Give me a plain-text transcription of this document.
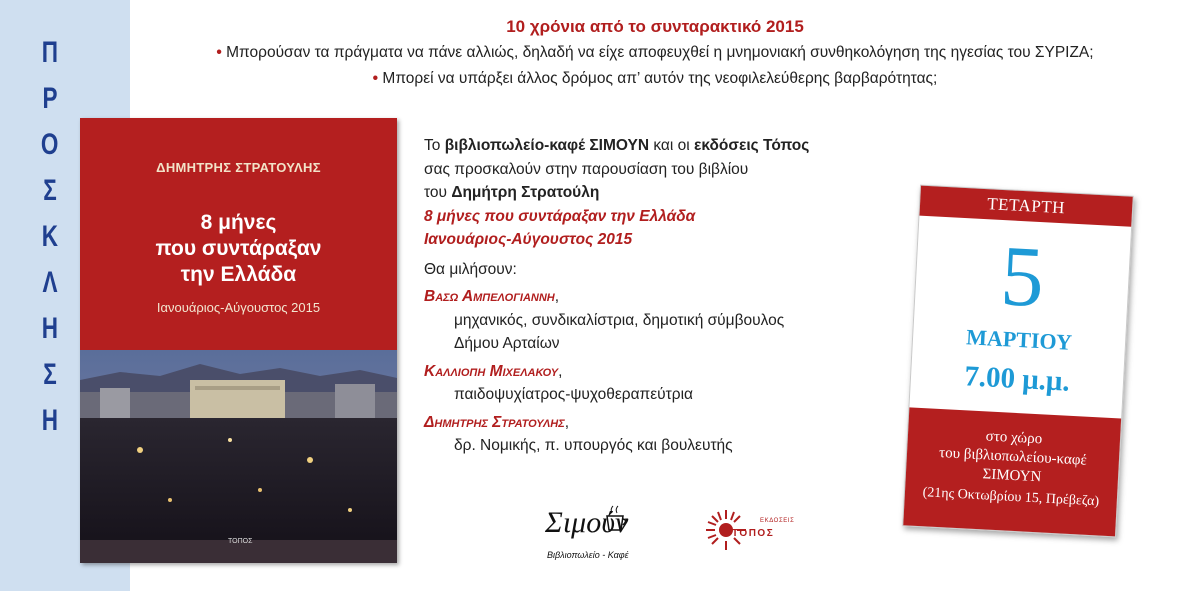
Π
Ρ
Ο
Σ
Κ
Λ
Η
Σ
Η
10 χρόνια από το συνταρακτικό 2015
• Μπορούσαν τα πράγματα να πάνε αλλιώς, δηλαδή να είχε αποφευχθεί η μνημονιακή συνθηκολόγηση της ηγεσίας του ΣΥΡΙΖΑ;
• Μπορεί να υπάρξει άλλος δρόμος απ’ αυτόν της νεοφιλελεύθερης βαρβαρότητας;
ΔΗΜΗΤΡΗΣ ΣΤΡΑΤΟΥΛΗΣ
8 μήνες
που συντάραξαν
την Ελλάδα
Ιανουάριος-Αύγουστος 2015
ΤΟΠΟΣ
Το βιβλιοπωλείο-καφέ ΣΙΜΟΥΝ και οι εκδόσεις Τόπος
σας προσκαλούν στην παρουσίαση του βιβλίου
του Δημήτρη Στρατούλη
8 μήνες που συντάραξαν την Ελλάδα
Ιανουάριος-Αύγουστος 2015
Θα μιλήσουν:
Βασω Αμπελογιαννη,
μηχανικός, συνδικαλίστρια, δημοτική σύμβουλος
Δήμου Αρταίων
Καλλιοπη Μιχελακου,
παιδοψυχίατρος-ψυχοθεραπεύτρια
Δημητρης Στρατουλης,
δρ. Νομικής, π. υπουργός και βουλευτής
ΤΕΤΑΡΤΗ
5
ΜΑΡΤΙΟΥ
7.00 μ.μ.
στο χώρο
του βιβλιοπωλείου-καφέ
ΣΙΜΟΥΝ
(21ης Οκτωβρίου 15, Πρέβεζα)
Σιμούν
Βιβλιοπωλείο - Καφέ
ΕΚΔΟΣΕΙΣ
ΤΟΠΟΣ
